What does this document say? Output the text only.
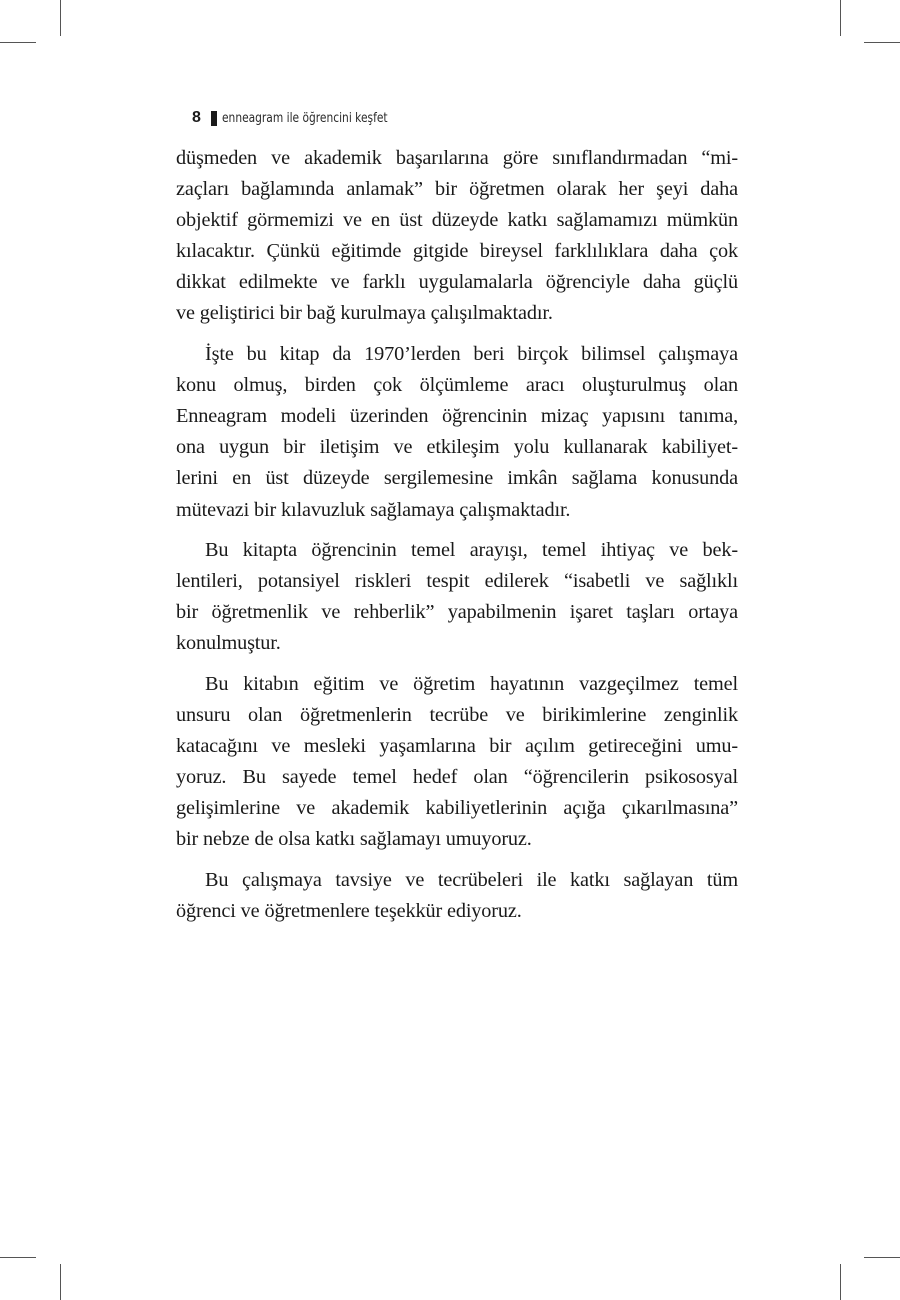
8 enneagram ile öğrencini keşfet

düşmeden ve akademik başarılarına göre sınıflandırmadan “mi-
zaçları bağlamında anlamak” bir öğretmen olarak her şeyi daha
objektif görmemizi ve en üst düzeyde katkı sağlamamızı mümkün
kılacaktır. Çünkü eğitimde gitgide bireysel farklılıklara daha çok
dikkat edilmekte ve farklı uygulamalarla öğrenciyle daha güçlü
ve geliştirici bir bağ kurulmaya çalışılmaktadır.

İşte bu kitap da 1970’lerden beri birçok bilimsel çalışmaya
konu olmuş, birden çok ölçümleme aracı oluşturulmuş olan
Enneagram modeli üzerinden öğrencinin mizaç yapısını tanıma,
ona uygun bir iletişim ve etkileşim yolu kullanarak kabiliyet-
lerini en üst düzeyde sergilemesine imkân sağlama konusunda
mütevazi bir kılavuzluk sağlamaya çalışmaktadır.

Bu kitapta öğrencinin temel arayışı, temel ihtiyaç ve bek-
lentileri, potansiyel riskleri tespit edilerek “isabetli ve sağlıklı
bir öğretmenlik ve rehberlik” yapabilmenin işaret taşları ortaya
konulmuştur.

Bu kitabın eğitim ve öğretim hayatının vazgeçilmez temel
unsuru olan öğretmenlerin tecrübe ve birikimlerine zenginlik
katacağını ve mesleki yaşamlarına bir açılım getireceğini umu-
yoruz. Bu sayede temel hedef olan “öğrencilerin psikososyal
gelişimlerine ve akademik kabiliyetlerinin açığa çıkarılmasına”
bir nebze de olsa katkı sağlamayı umuyoruz.

Bu çalışmaya tavsiye ve tecrübeleri ile katkı sağlayan tüm
öğrenci ve öğretmenlere teşekkür ediyoruz.
